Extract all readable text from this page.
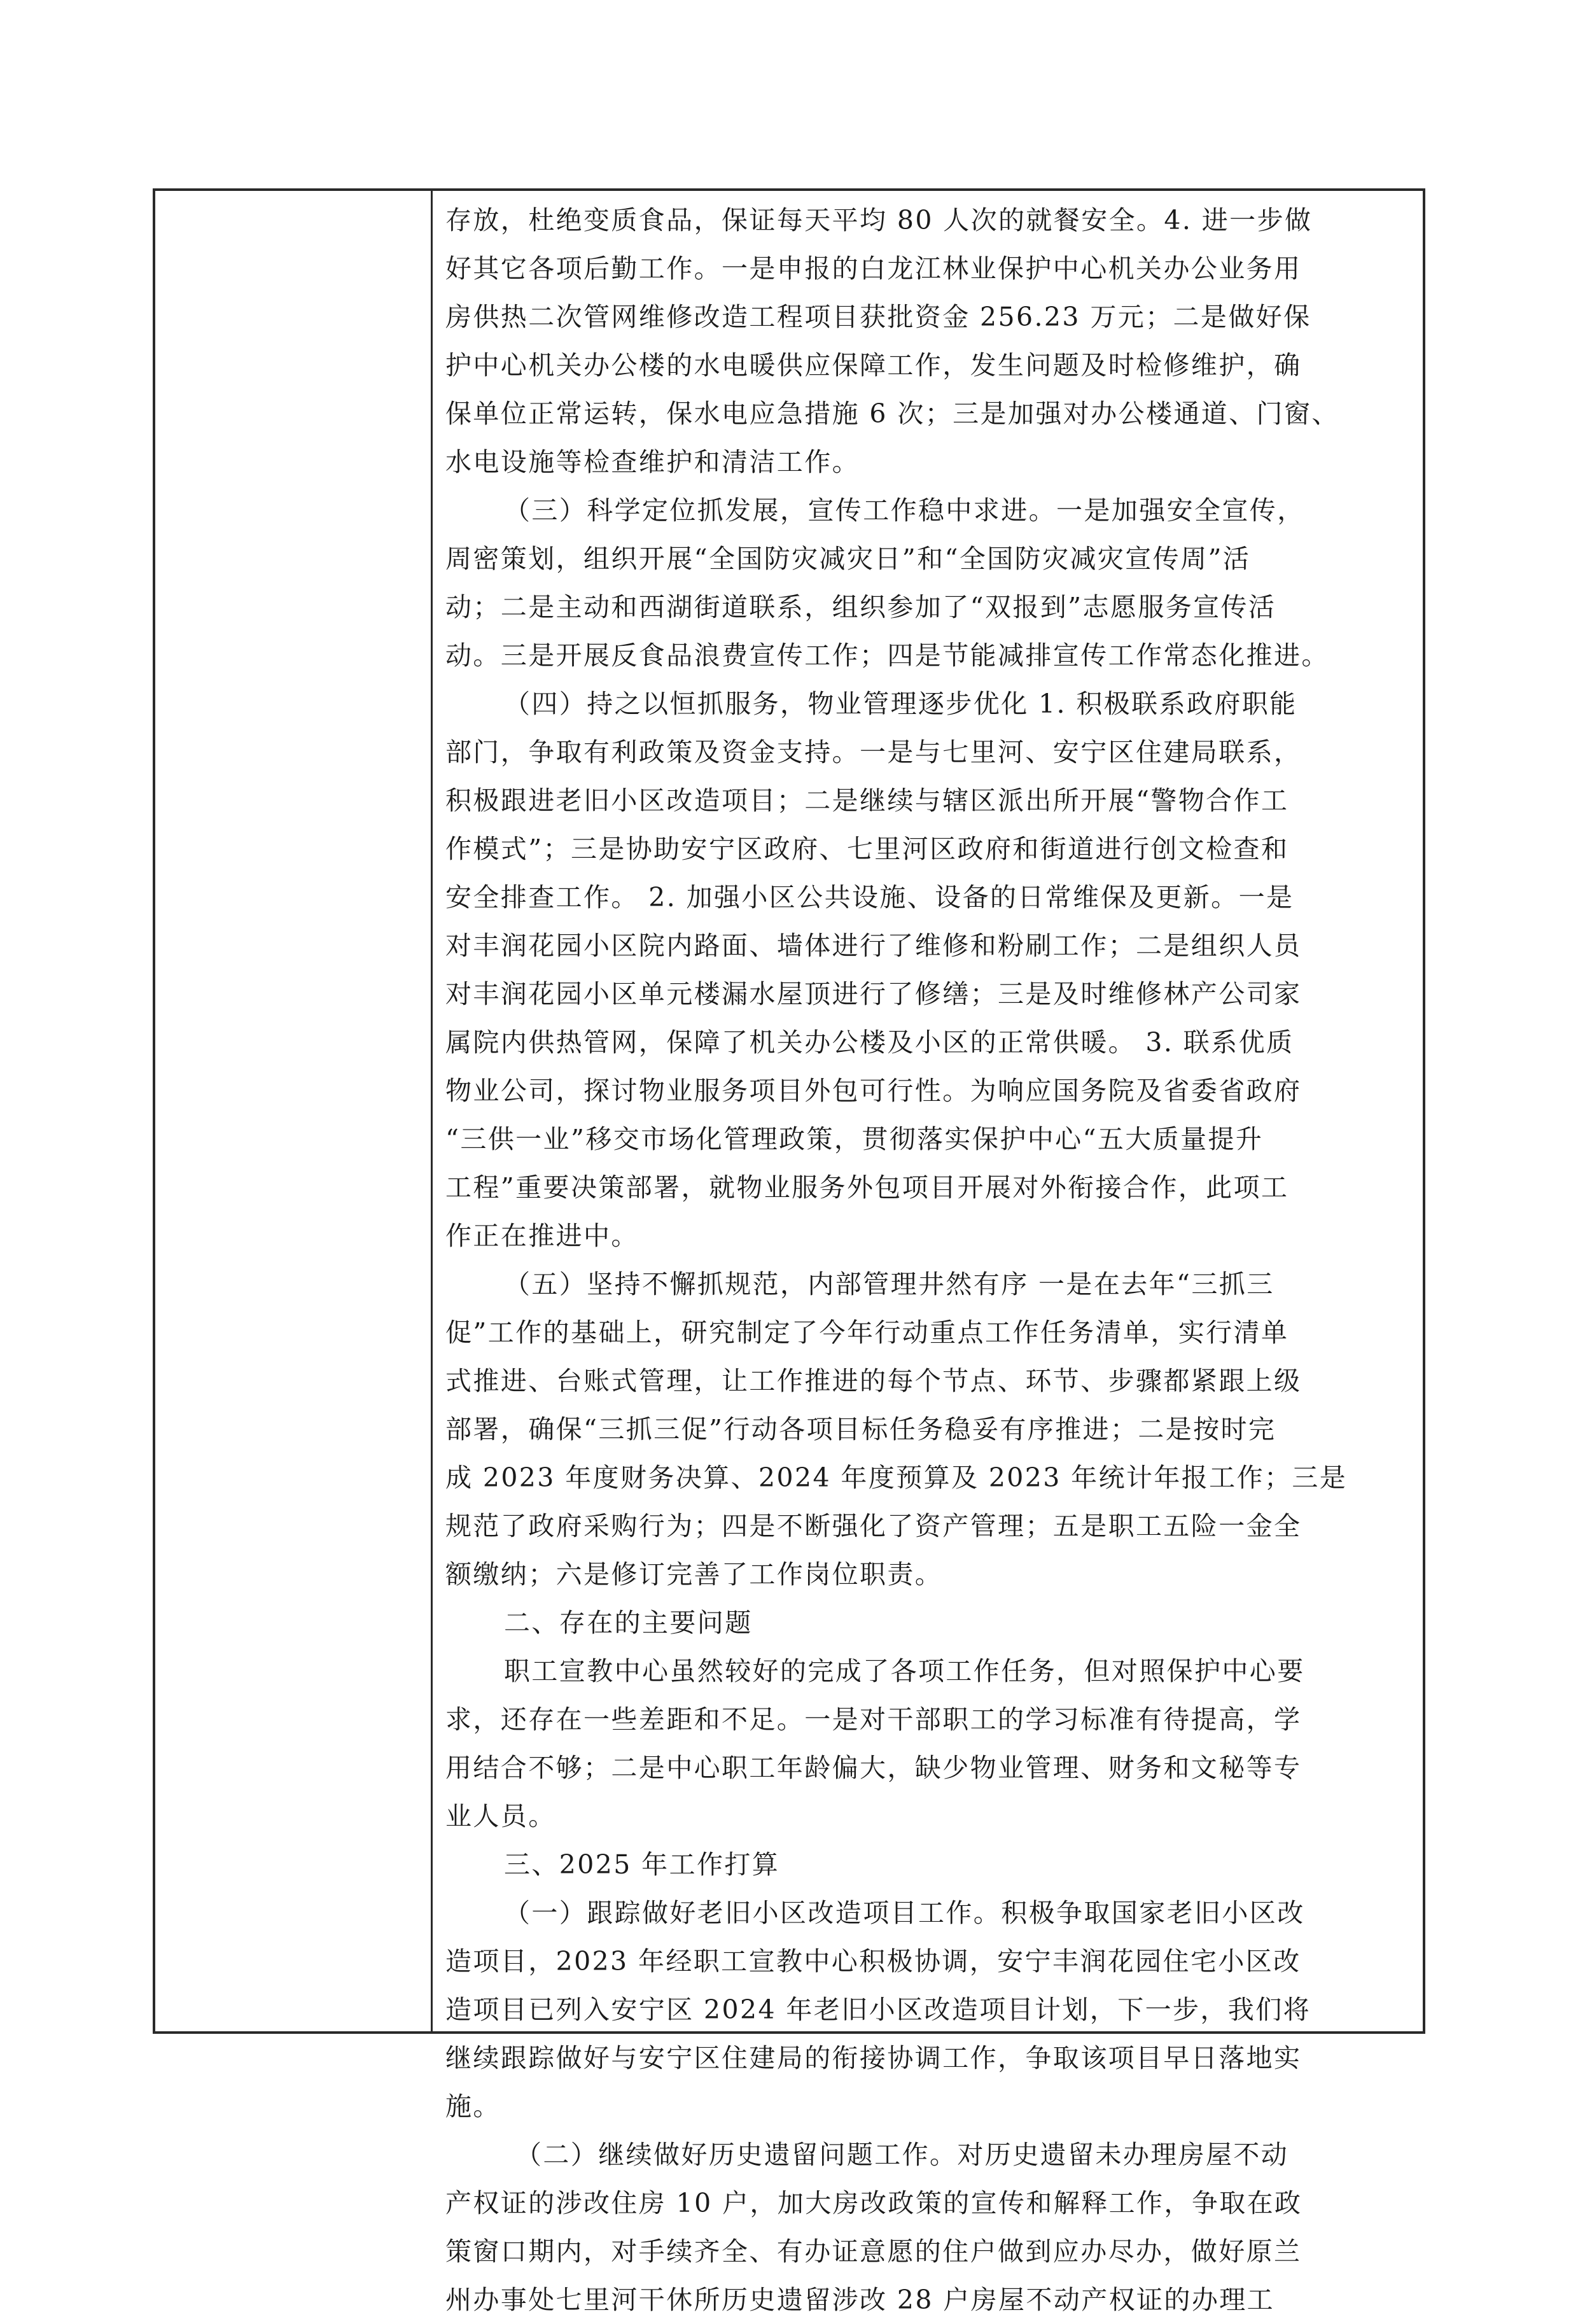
存放，杜绝变质食品，保证每天平均 80 人次的就餐安全。4. 进一步做
好其它各项后勤工作。一是申报的白龙江林业保护中心机关办公业务用
房供热二次管网维修改造工程项目获批资金 256.23 万元；二是做好保
护中心机关办公楼的水电暖供应保障工作，发生问题及时检修维护，确
保单位正常运转，保水电应急措施 6 次；三是加强对办公楼通道、门窗、
水电设施等检查维护和清洁工作。
（三）科学定位抓发展，宣传工作稳中求进。一是加强安全宣传，
周密策划，组织开展“全国防灾减灾日”和“全国防灾减灾宣传周”活
动；二是主动和西湖街道联系，组织参加了“双报到”志愿服务宣传活
动。三是开展反食品浪费宣传工作；四是节能减排宣传工作常态化推进。
（四）持之以恒抓服务，物业管理逐步优化 1. 积极联系政府职能
部门，争取有利政策及资金支持。一是与七里河、安宁区住建局联系，
积极跟进老旧小区改造项目；二是继续与辖区派出所开展“警物合作工
作模式”；三是协助安宁区政府、七里河区政府和街道进行创文检查和
安全排查工作。 2. 加强小区公共设施、设备的日常维保及更新。一是
对丰润花园小区院内路面、墙体进行了维修和粉刷工作；二是组织人员
对丰润花园小区单元楼漏水屋顶进行了修缮；三是及时维修林产公司家
属院内供热管网，保障了机关办公楼及小区的正常供暖。 3. 联系优质
物业公司，探讨物业服务项目外包可行性。为响应国务院及省委省政府
“三供一业”移交市场化管理政策，贯彻落实保护中心“五大质量提升
工程”重要决策部署，就物业服务外包项目开展对外衔接合作，此项工
作正在推进中。
（五）坚持不懈抓规范，内部管理井然有序 一是在去年“三抓三
促”工作的基础上，研究制定了今年行动重点工作任务清单，实行清单
式推进、台账式管理，让工作推进的每个节点、环节、步骤都紧跟上级
部署，确保“三抓三促”行动各项目标任务稳妥有序推进；二是按时完
成 2023 年度财务决算、2024 年度预算及 2023 年统计年报工作；三是
规范了政府采购行为；四是不断强化了资产管理；五是职工五险一金全
额缴纳；六是修订完善了工作岗位职责。
二、存在的主要问题
职工宣教中心虽然较好的完成了各项工作任务，但对照保护中心要
求，还存在一些差距和不足。一是对干部职工的学习标准有待提高，学
用结合不够；二是中心职工年龄偏大，缺少物业管理、财务和文秘等专
业人员。
三、2025 年工作打算
（一）跟踪做好老旧小区改造项目工作。积极争取国家老旧小区改
造项目，2023 年经职工宣教中心积极协调，安宁丰润花园住宅小区改
造项目已列入安宁区 2024 年老旧小区改造项目计划，下一步，我们将
继续跟踪做好与安宁区住建局的衔接协调工作，争取该项目早日落地实
施。
（二）继续做好历史遗留问题工作。对历史遗留未办理房屋不动
产权证的涉改住房 10 户，加大房改政策的宣传和解释工作，争取在政
策窗口期内，对手续齐全、有办证意愿的住户做到应办尽办，做好原兰
州办事处七里河干休所历史遗留涉改 28 户房屋不动产权证的办理工
